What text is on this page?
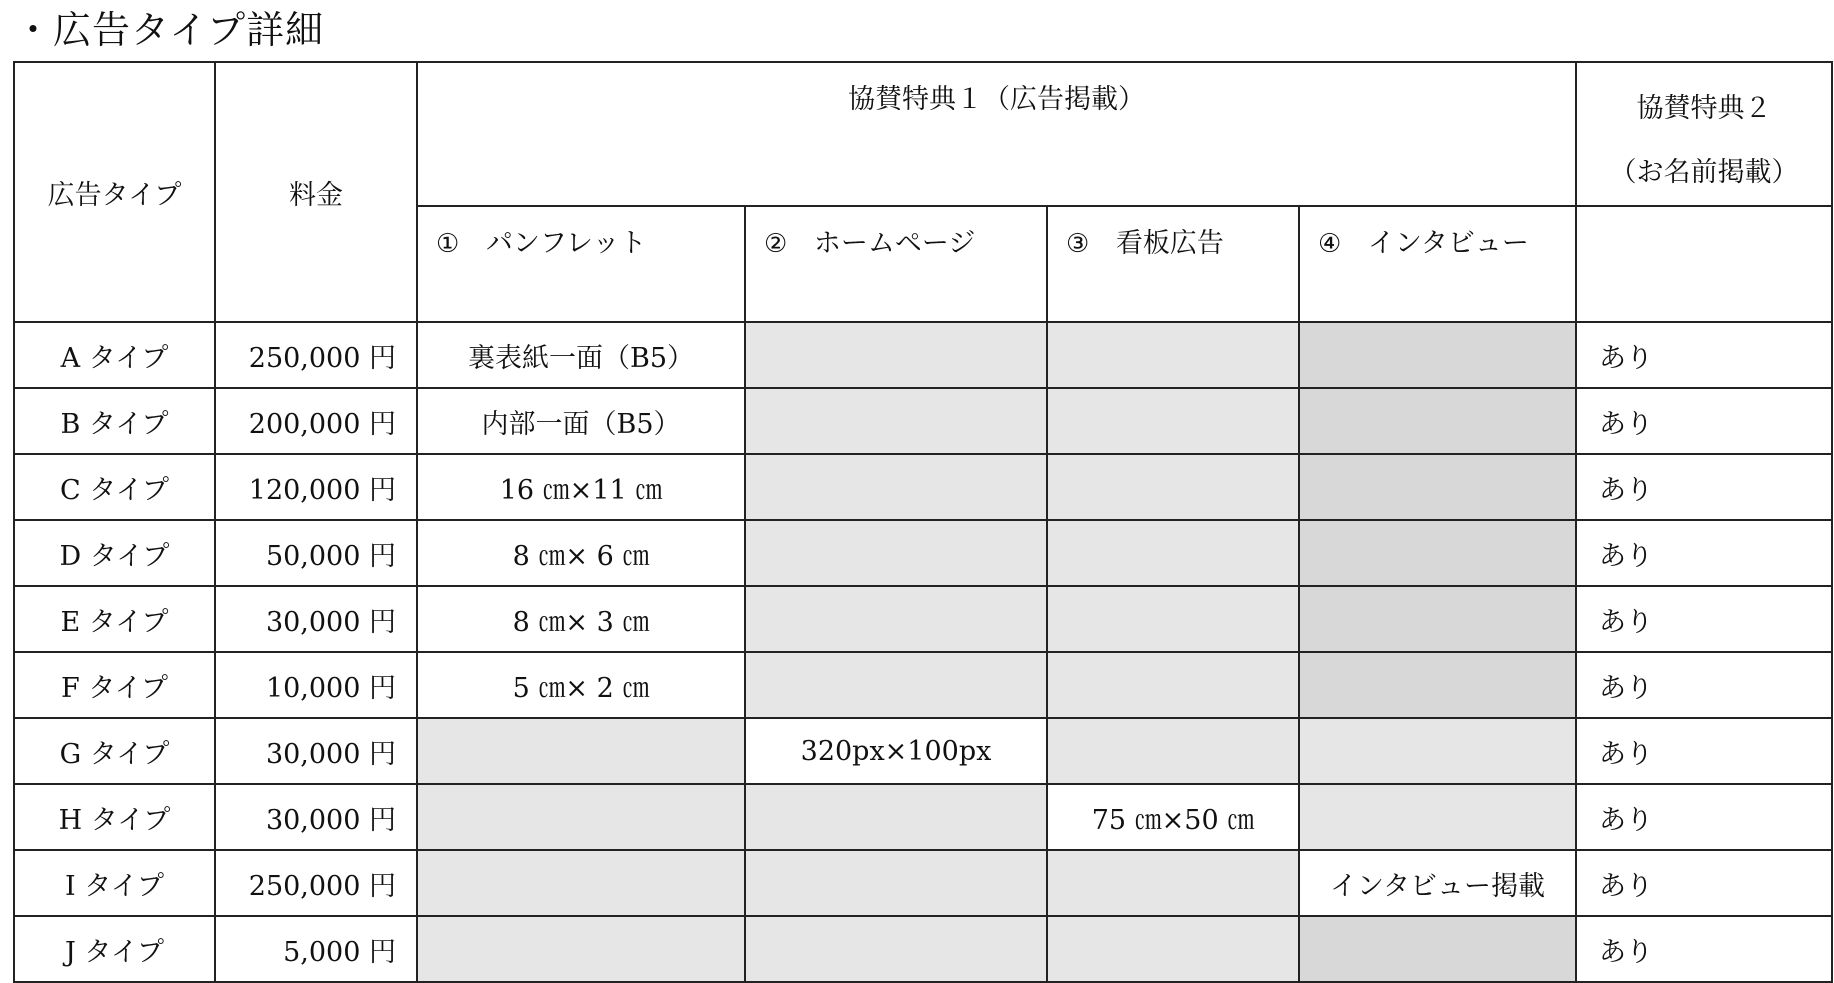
・広告タイプ詳細
広告タイプ	料金	協賛特典１（広告掲載）				協賛特典２
（お名前掲載）
		① パンフレット	② ホームページ	③ 看板広告	④ インタビュー	
A タイプ	250,000 円	裏表紙一面（B5）				あり
B タイプ	200,000 円	内部一面（B5）				あり
C タイプ	120,000 円	16 ㎝×11 ㎝				あり
D タイプ	50,000 円	8 ㎝× 6 ㎝				あり
E タイプ	30,000 円	8 ㎝× 3 ㎝				あり
F タイプ	10,000 円	5 ㎝× 2 ㎝				あり
G タイプ	30,000 円		320px×100px			あり
H タイプ	30,000 円			75 ㎝×50 ㎝		あり
I タイプ	250,000 円				インタビュー掲載	あり
J タイプ	5,000 円					あり
